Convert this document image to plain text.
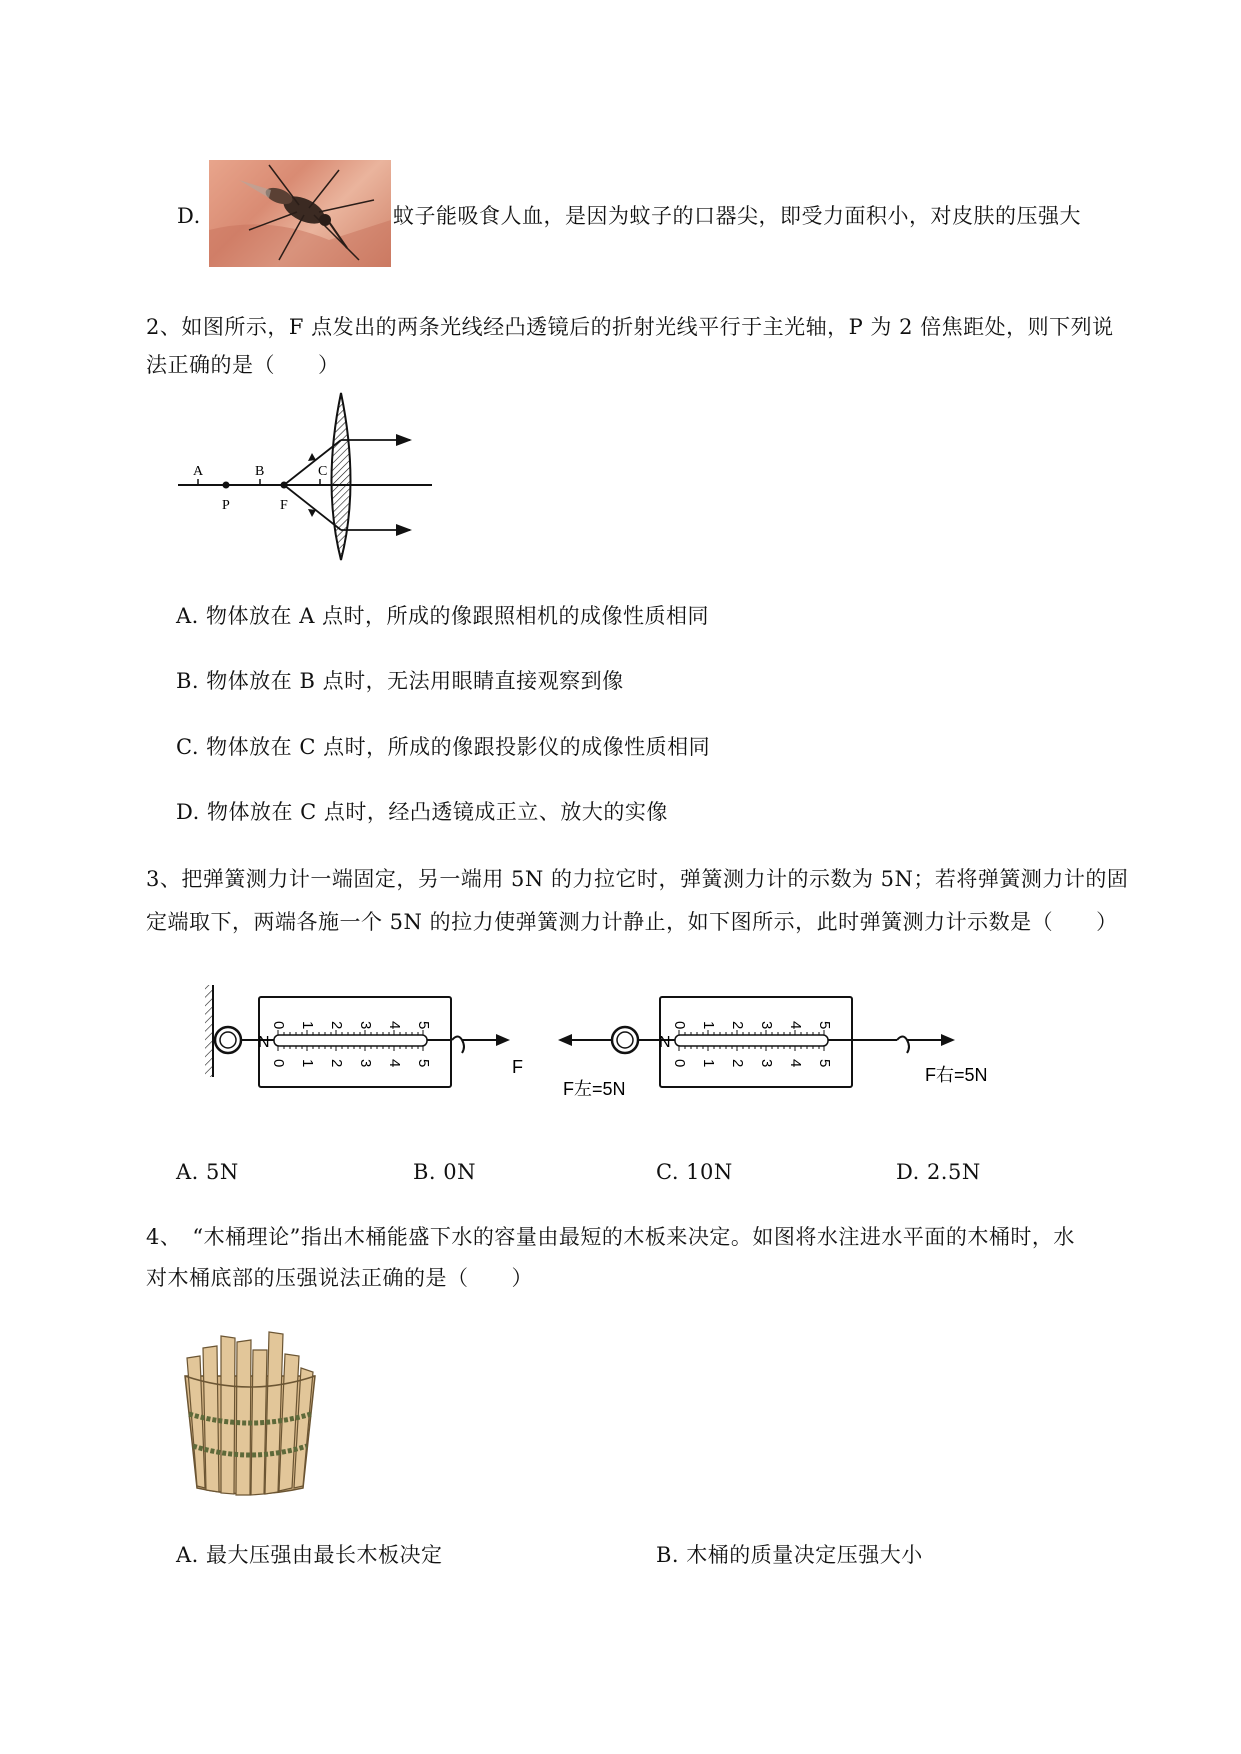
D.	蚊子能吸食人血，是因为蚊子的口器尖，即受力面积小，对皮肤的压强大
2、如图所示，F 点发出的两条光线经凸透镜后的折射光线平行于主光轴，P 为 2 倍焦距处，则下列说
法正确的是（　　）
A	B	C
P	F
A. 物体放在 A 点时，所成的像跟照相机的成像性质相同
B. 物体放在 B 点时，无法用眼睛直接观察到像
C. 物体放在 C 点时，所成的像跟投影仪的成像性质相同
D. 物体放在 C 点时，经凸透镜成正立、放大的实像
3、把弹簧测力计一端固定，另一端用 5N 的力拉它时，弹簧测力计的示数为 5N；若将弹簧测力计的固
定端取下，两端各施一个 5N 的拉力使弹簧测力计静止，如下图所示，此时弹簧测力计示数是（　　）
N
0 1 2 3 4 5
0 1 2 3 4 5	F
F左=5N
N
0 1 2 3 4 5
0 1 2 3 4 5
F右=5N
A. 5N	B. 0N	C. 10N	D. 2.5N
4、　“木桶理论”指出木桶能盛下水的容量由最短的木板来决定。如图将水注进水平面的木桶时，水
对木桶底部的压强说法正确的是（　　）
A. 最大压强由最长木板决定	B. 木桶的质量决定压强大小
